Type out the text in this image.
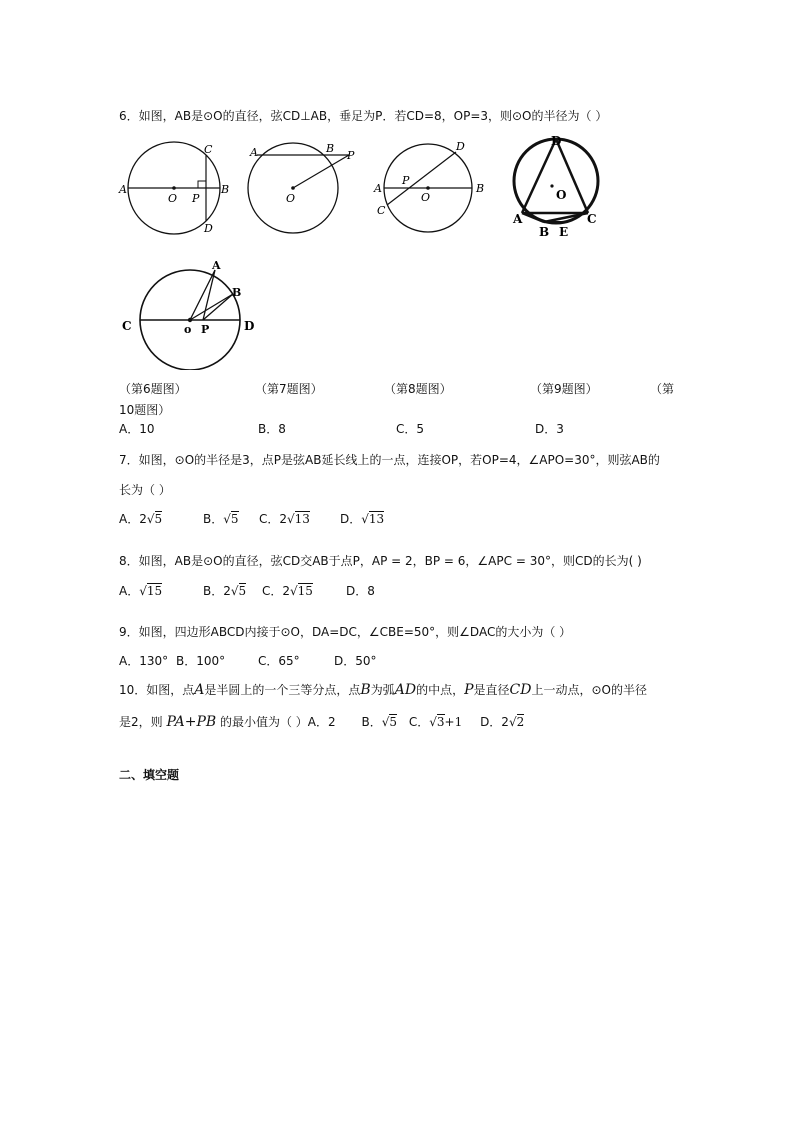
6．如图，AB是⊙O的直径，弦CD⊥AB，垂足为P．若CD=8，OP=3，则⊙O的半径为（ ）
A
O P
B
C
D
A	B
P
O
A	B
C
D
P
O
D
O
A	C
B E
A
B
C	D
o P
（第6题图）	（第7题图）	（第8题图）	（第9题图）	（第
10题图）
A．10	B．8	C．5	D．3
7．如图，⊙O的半径是3，点P是弦AB延长线上的一点，连接OP，若OP=4，∠APO=30°，则弦AB的
长为（ ）
A．2√5	B．√5 C．2√13	D．√13
8．如图，AB是⊙O的直径，弦CD交AB于点P，AP = 2，BP = 6，∠APC = 30°，则CD的长为( )
A．√15	B．2√5 C．2√15	D．8
9．如图，四边形ABCD内接于⊙O，DA=DC，∠CBE=50°，则∠DAC的大小为（ ）
A．130° B．100°	C．65°	D．50°
10．如图，点A是半圆上的一个三等分点，点B为弧AD的中点，P是直径CD上一动点，⊙O的半径
是2，则 PA+PB 的最小值为（ ）A．2 B．√5 C．√3+1 D．2√2
二、填空题
